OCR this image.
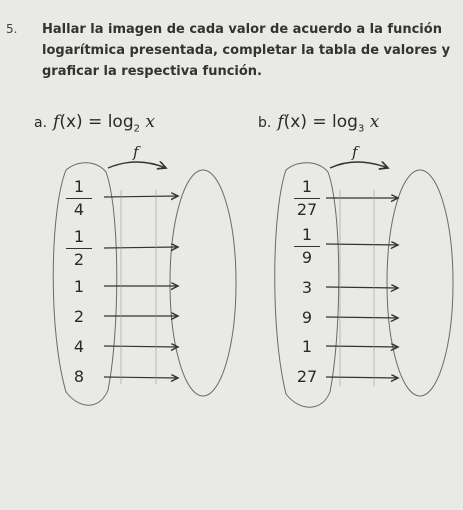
5. Hallar la imagen de cada valor de acuerdo a la función
logarítmica presentada, completar la tabla de valores y
graficar la respectiva función.
a. $f(x) = \log_2 x$	b. $f(x) = \log_3 x$
f	f
1
4
1
2
1
2
4
8
1
27
1
9
3
9
1
27
